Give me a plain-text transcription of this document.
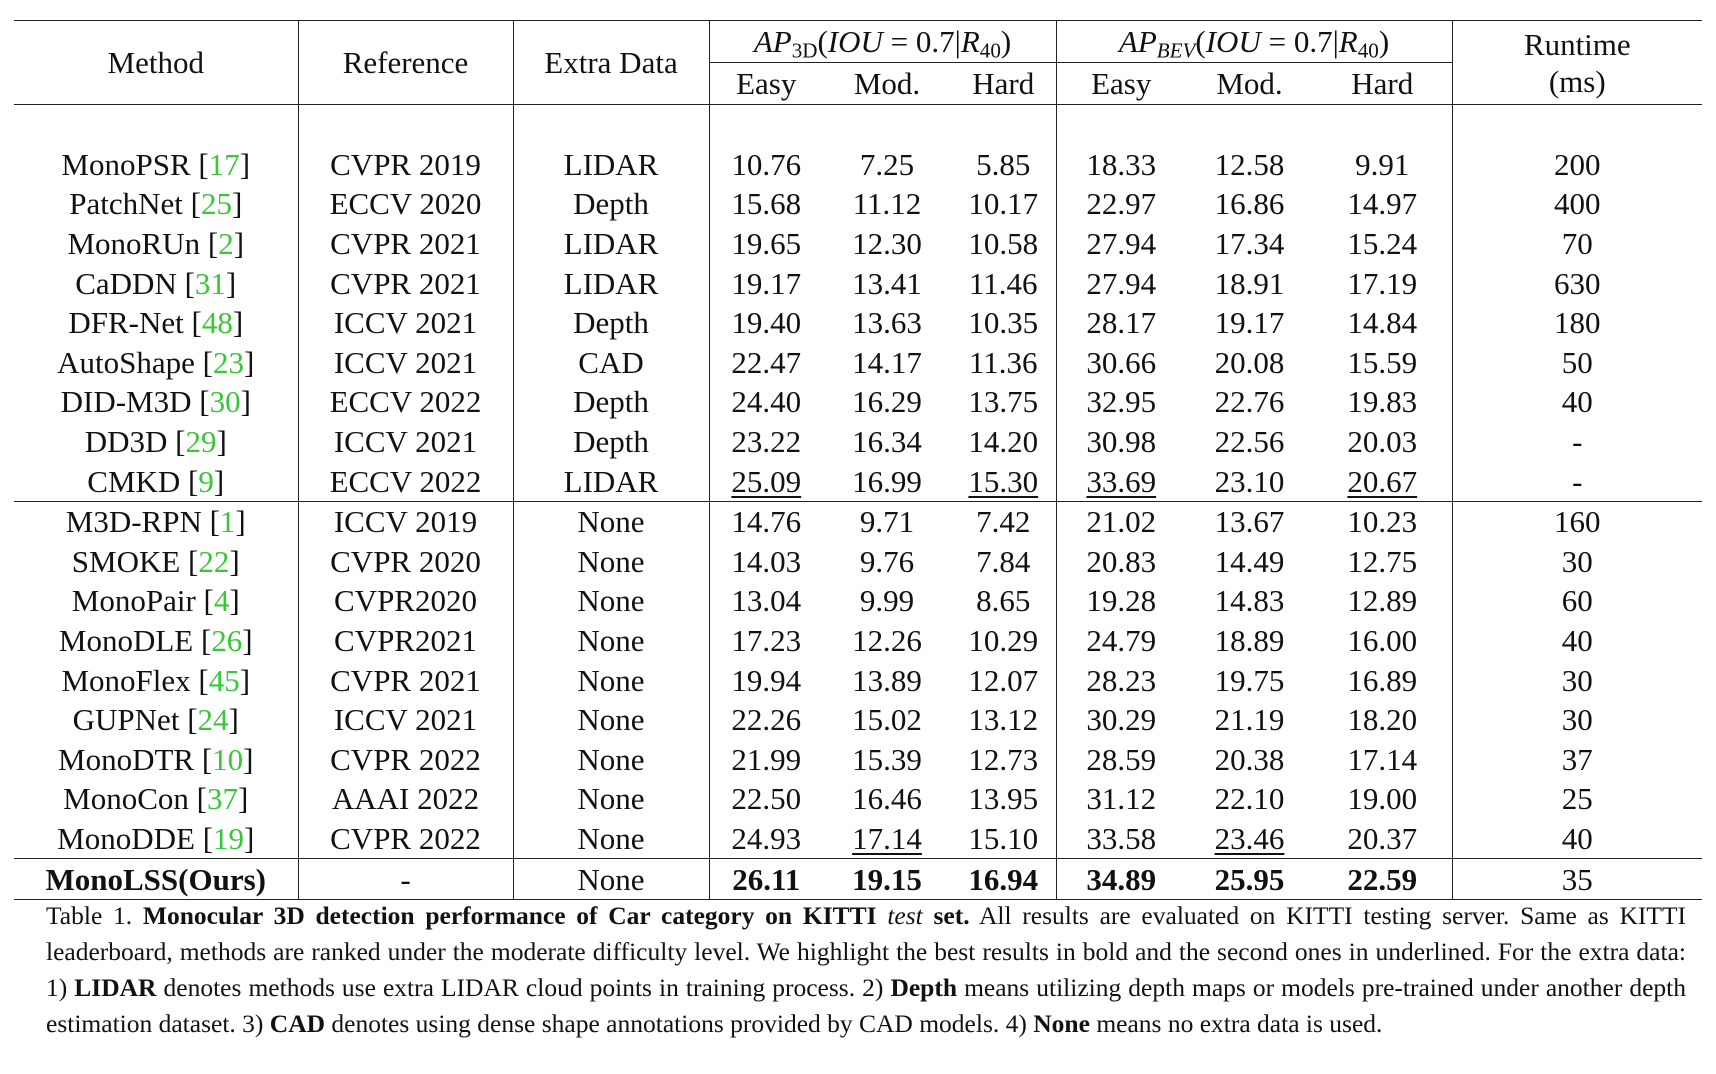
Method	Reference	Extra Data	$AP_{3D}(IOU = 0.7|R_{40})$			$AP_{BEV}(IOU = 0.7|R_{40})$			Runtime
(ms)

			Easy	Mod.	Hard	Easy	Mod.	Hard	

MonoPSR [17]	CVPR 2019	LIDAR	10.76	7.25	5.85	18.33	12.58	9.91	200
PatchNet [25]	ECCV 2020	Depth	15.68	11.12	10.17	22.97	16.86	14.97	400
MonoRUn [2]	CVPR 2021	LIDAR	19.65	12.30	10.58	27.94	17.34	15.24	70
CaDDN [31]	CVPR 2021	LIDAR	19.17	13.41	11.46	27.94	18.91	17.19	630
DFR-Net [48]	ICCV 2021	Depth	19.40	13.63	10.35	28.17	19.17	14.84	180
AutoShape [23]	ICCV 2021	CAD	22.47	14.17	11.36	30.66	20.08	15.59	50
DID-M3D [30]	ECCV 2022	Depth	24.40	16.29	13.75	32.95	22.76	19.83	40
DD3D [29]	ICCV 2021	Depth	23.22	16.34	14.20	30.98	22.56	20.03	-
CMKD [9]	ECCV 2022	LIDAR	25.09	16.99	15.30	33.69	23.10	20.67	-
M3D-RPN [1]	ICCV 2019	None	14.76	9.71	7.42	21.02	13.67	10.23	160
SMOKE [22]	CVPR 2020	None	14.03	9.76	7.84	20.83	14.49	12.75	30
MonoPair [4]	CVPR2020	None	13.04	9.99	8.65	19.28	14.83	12.89	60
MonoDLE [26]	CVPR2021	None	17.23	12.26	10.29	24.79	18.89	16.00	40
MonoFlex [45]	CVPR 2021	None	19.94	13.89	12.07	28.23	19.75	16.89	30
GUPNet [24]	ICCV 2021	None	22.26	15.02	13.12	30.29	21.19	18.20	30
MonoDTR [10]	CVPR 2022	None	21.99	15.39	12.73	28.59	20.38	17.14	37
MonoCon [37]	AAAI 2022	None	22.50	16.46	13.95	31.12	22.10	19.00	25
MonoDDE [19]	CVPR 2022	None	24.93	17.14	15.10	33.58	23.46	20.37	40
MonoLSS(Ours)	-	None	26.11	19.15	16.94	34.89	25.95	22.59	35
Table 1. Monocular 3D detection performance of Car category on KITTI test set. All results are evaluated on KITTI testing server. Same as KITTI leaderboard, methods are ranked under the moderate difficulty level. We highlight the best results in bold and the second ones in underlined. For the extra data: 1) LIDAR denotes methods use extra LIDAR cloud points in training process. 2) Depth means utilizing depth maps or models pre-trained under another depth estimation dataset. 3) CAD denotes using dense shape annotations provided by CAD models. 4) None means no extra data is used.
